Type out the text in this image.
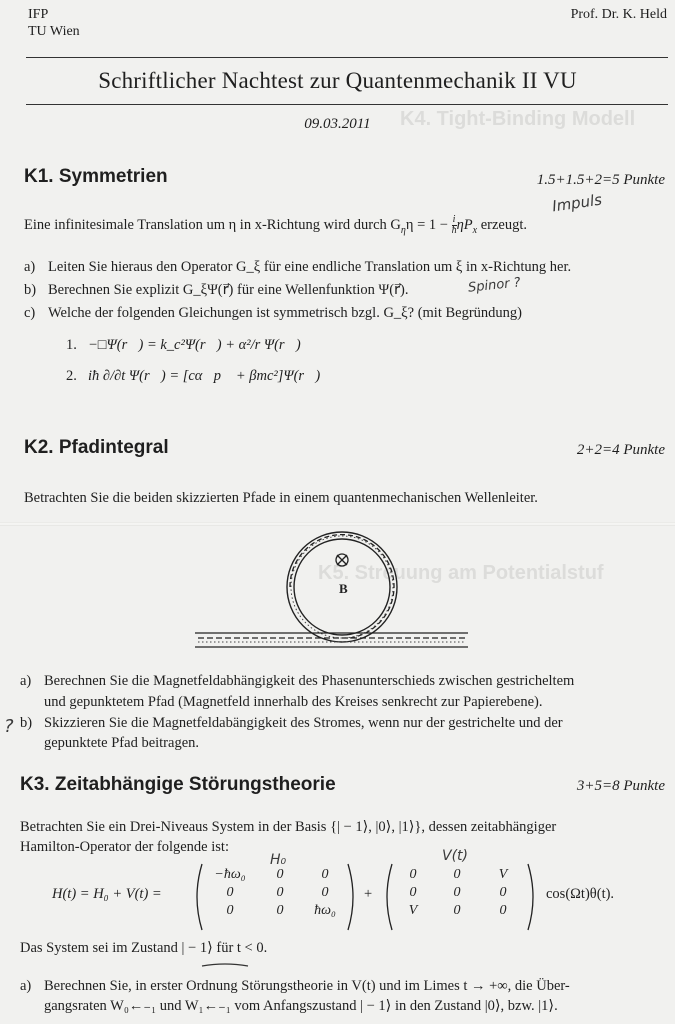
K4. Tight-Binding Modell
K5. Streuung am Potentialstuf
IFP
TU Wien
Prof. Dr. K. Held
Schriftlicher Nachtest zur Quantenmechanik II VU
09.03.2011
K1. Symmetrien	1.5+1.5+2=5 Punkte
Impuls
Eine infinitesimale Translation um η in x-Richtung wird durch $G_\eta\eta = 1 - \frac{i}{ħ} \eta P_x$ erzeugt.
a) Leiten Sie hieraus den Operator G_ξ für eine endliche Translation um ξ in x-Richtung her.
b) Berechnen Sie explizit G_ξΨ(r⃗) für eine Wellenfunktion Ψ(r⃗).	Spinor ?
c) Welche der folgenden Gleichungen ist symmetrisch bzgl. G_ξ? (mit Begründung)
1. −□Ψ(r⃗) = k_c²Ψ(r⃗) + α²/r Ψ(r⃗)
2. iħ ∂/∂t Ψ(r⃗) = [cα⃗p⃗ + βmc²]Ψ(r⃗)
K2. Pfadintegral	2+2=4 Punkte
Betrachten Sie die beiden skizzierten Pfade in einem quantenmechanischen Wellenleiter.
B
a) Berechnen Sie die Magnetfeldabhängigkeit des Phasenunterschieds zwischen gestricheltem
und gepunktetem Pfad (Magnetfeld innerhalb des Kreises senkrecht zur Papierebene).
? b) Skizzieren Sie die Magnetfeldabängigkeit des Stromes, wenn nur der gestrichelte und der
gepunktete Pfad beitragen.
K3. Zeitabhängige Störungstheorie	3+5=8 Punkte
Betrachten Sie ein Drei-Niveaus System in der Basis {| − 1⟩, |0⟩, |1⟩}, dessen zeitabhängiger
Hamilton-Operator der folgende ist:
H₀	V(t)
H(t) = H₀ + V(t) =
−ħω₀	0	0
0	0	0
0	0	ħω₀
+
0	0	V
0	0	0
V	0	0
cos(Ωt)θ(t).
Das System sei im Zustand | − 1⟩ für t < 0.
a) Berechnen Sie, in erster Ordnung Störungstheorie in V(t) und im Limes t → +∞, die Über-
gangsraten W₀←₋₁ und W₁←₋₁ vom Anfangszustand | − 1⟩ in den Zustand |0⟩, bzw. |1⟩.
